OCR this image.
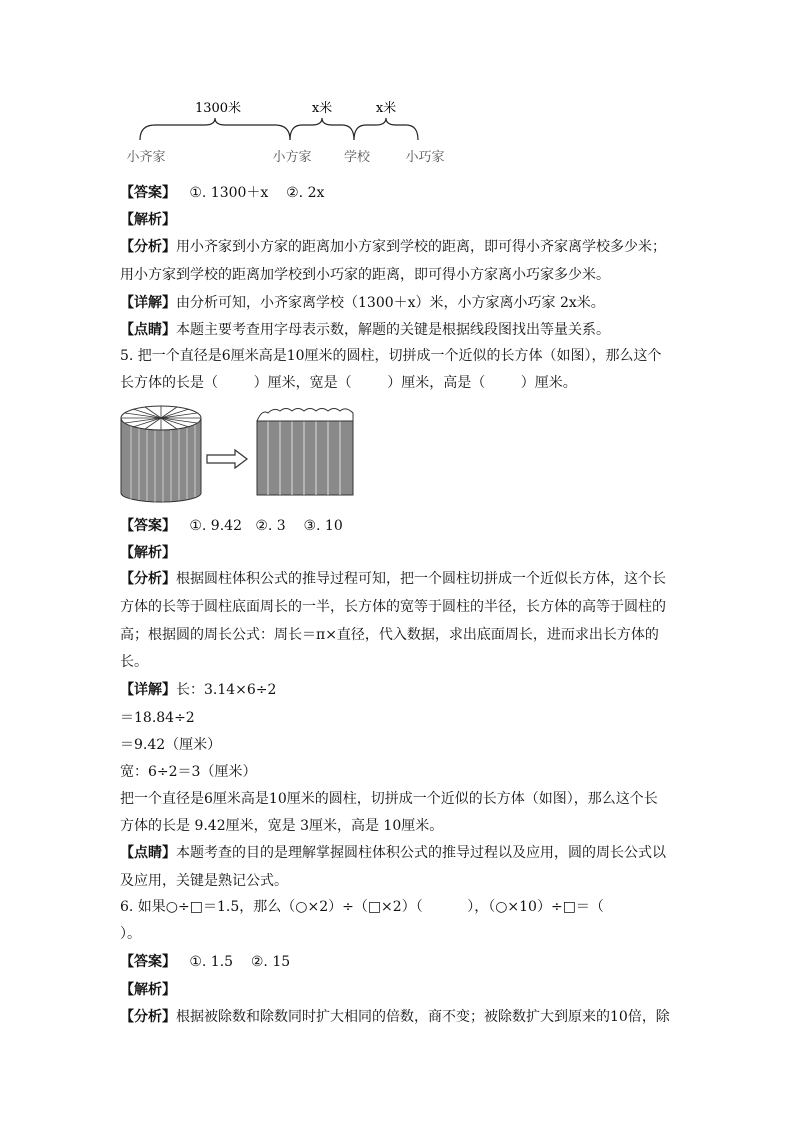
1300米	x米	x米
小齐家	小方家 学校	小巧家
【答案】   ①. 1300＋x    ②. 2x
【解析】
【分析】用小齐家到小方家的距离加小方家到学校的距离，即可得小齐家离学校多少米；
用小方家到学校的距离加学校到小巧家的距离，即可得小方家离小巧家多少米。
【详解】由分析可知，小齐家离学校（1300＋x）米，小方家离小巧家 2x米。
【点睛】本题主要考查用字母表示数，解题的关键是根据线段图找出等量关系。
5. 把一个直径是6厘米高是10厘米的圆柱，切拼成一个近似的长方体（如图），那么这个
长方体的长是（        ）厘米，宽是（        ）厘米，高是（        ）厘米。
【答案】   ①. 9.42   ②. 3    ③. 10
【解析】
【分析】根据圆柱体积公式的推导过程可知，把一个圆柱切拼成一个近似长方体，这个长
方体的长等于圆柱底面周长的一半，长方体的宽等于圆柱的半径，长方体的高等于圆柱的
高；根据圆的周长公式：周长＝π×直径，代入数据，求出底面周长，进而求出长方体的
长。
【详解】长：3.14×6÷2
＝18.84÷2
＝9.42（厘米）
宽：6÷2＝3（厘米）
把一个直径是6厘米高是10厘米的圆柱，切拼成一个近似的长方体（如图），那么这个长
方体的长是 9.42厘米，宽是 3厘米，高是 10厘米。
【点睛】本题考查的目的是理解掌握圆柱体积公式的推导过程以及应用，圆的周长公式以
及应用，关键是熟记公式。
6. 如果○÷□＝1.5，那么（○×2）÷（□×2）（          ），（○×10）÷□＝（
）。
【答案】   ①. 1.5    ②. 15
【解析】
【分析】根据被除数和除数同时扩大相同的倍数，商不变；被除数扩大到原来的10倍，除
